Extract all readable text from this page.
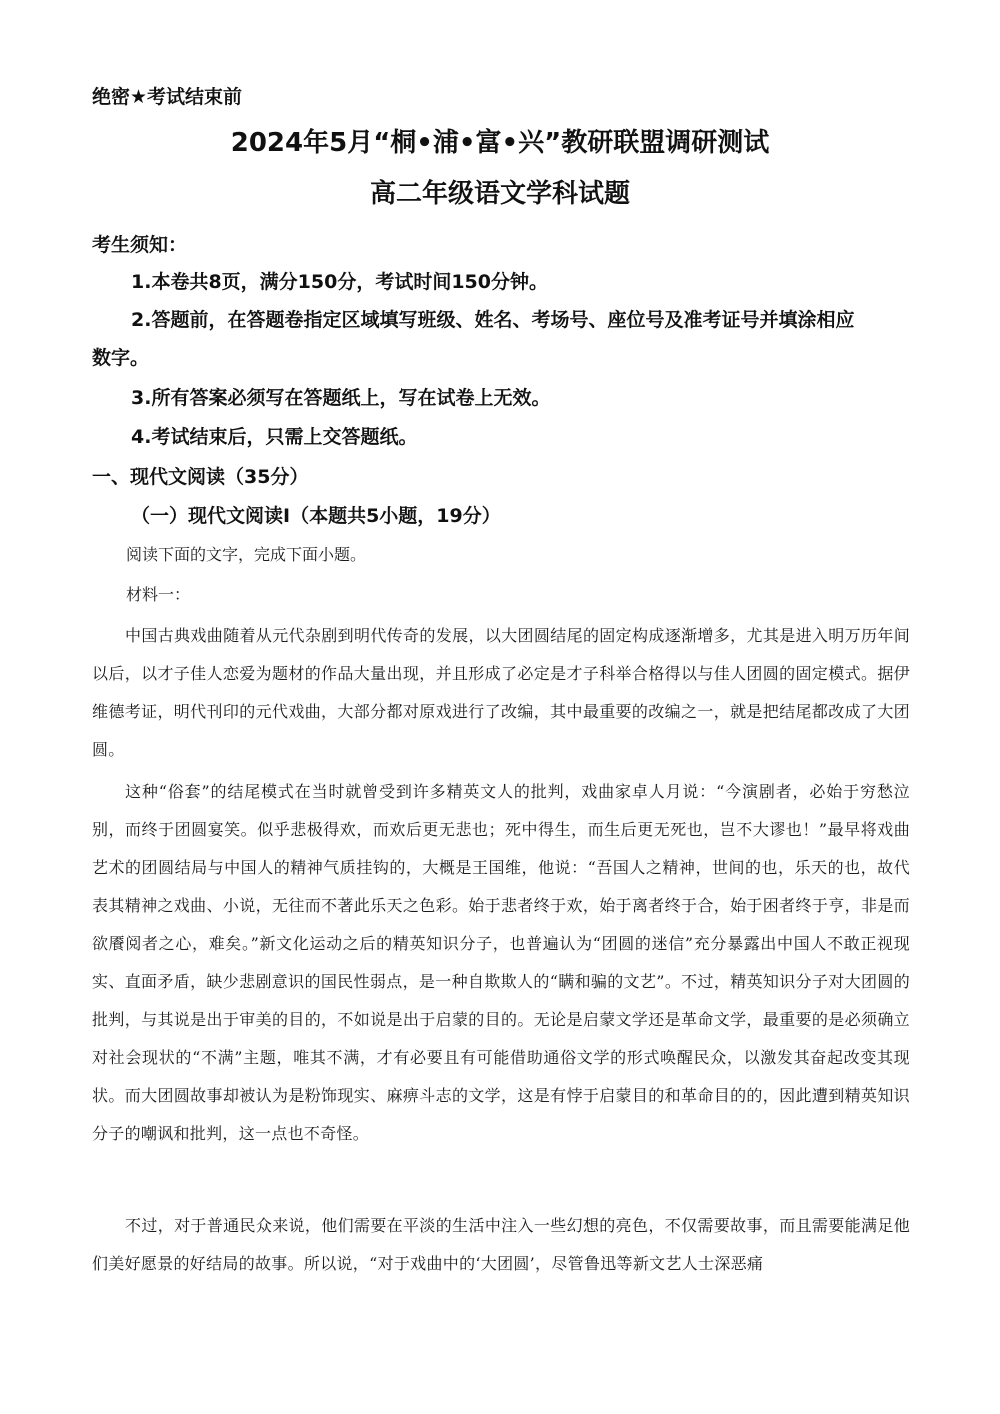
绝密★考试结束前
2024年5月“桐•浦•富•兴”教研联盟调研测试
高二年级语文学科试题
考生须知：
1.本卷共8页，满分150分，考试时间150分钟。
2.答题前，在答题卷指定区域填写班级、姓名、考场号、座位号及准考证号并填涂相应
数字。
3.所有答案必须写在答题纸上，写在试卷上无效。
4.考试结束后，只需上交答题纸。
一、现代文阅读（35分）
（一）现代文阅读Ⅰ（本题共5小题，19分）
阅读下面的文字，完成下面小题。
材料一：
中国古典戏曲随着从元代杂剧到明代传奇的发展，以大团圆结尾的固定构成逐渐增多，尤其是进入明万历年间以后，以才子佳人恋爱为题材的作品大量出现，并且形成了必定是才子科举合格得以与佳人团圆的固定模式。据伊维德考证，明代刊印的元代戏曲，大部分都对原戏进行了改编，其中最重要的改编之一，就是把结尾都改成了大团圆。
这种“俗套”的结尾模式在当时就曾受到许多精英文人的批判，戏曲家卓人月说：“今演剧者，必始于穷愁泣别，而终于团圆宴笑。似乎悲极得欢，而欢后更无悲也；死中得生，而生后更无死也，岂不大谬也！”最早将戏曲艺术的团圆结局与中国人的精神气质挂钩的，大概是王国维，他说：“吾国人之精神，世间的也，乐天的也，故代表其精神之戏曲、小说，无往而不著此乐天之色彩。始于悲者终于欢，始于离者终于合，始于困者终于亨，非是而欲餍阅者之心，难矣。”新文化运动之后的精英知识分子，也普遍认为“团圆的迷信”充分暴露出中国人不敢正视现实、直面矛盾，缺少悲剧意识的国民性弱点，是一种自欺欺人的“瞒和骗的文艺”。不过，精英知识分子对大团圆的批判，与其说是出于审美的目的，不如说是出于启蒙的目的。无论是启蒙文学还是革命文学，最重要的是必须确立对社会现状的“不满”主题，唯其不满，才有必要且有可能借助通俗文学的形式唤醒民众，以激发其奋起改变其现状。而大团圆故事却被认为是粉饰现实、麻痹斗志的文学，这是有悖于启蒙目的和革命目的的，因此遭到精英知识分子的嘲讽和批判，这一点也不奇怪。
不过，对于普通民众来说，他们需要在平淡的生活中注入一些幻想的亮色，不仅需要故事，而且需要能满足他们美好愿景的好结局的故事。所以说，“对于戏曲中的‘大团圆’，尽管鲁迅等新文艺人士深恶痛
